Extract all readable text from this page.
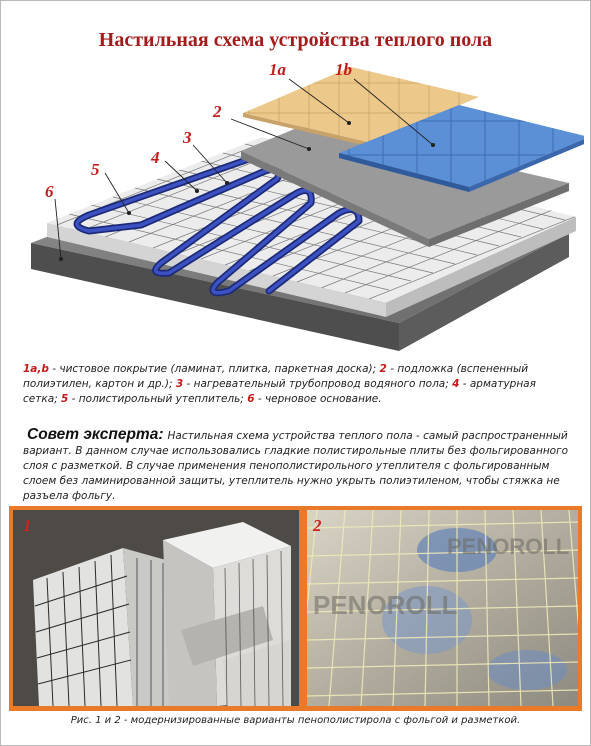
Настильная схема устройства теплого пола
1a	1b
2
3
4
5
6

1a,b - чистовое покрытие (ламинат, плитка, паркетная доска); 2 - подложка (вспененный полиэтилен, картон и др.); 3 - нагревательный трубопровод водяного пола; 4 - арматурная сетка; 5 - полистирольный утеплитель; 6 - черновое основание.

Совет эксперта: Настильная схема устройства теплого пола - самый распространенный вариант. В данном случае использовались гладкие полистирольные плиты без фольгированного слоя с разметкой. В случае применения пенополистирольного утеплителя с фольгированным слоем без ламинированной защиты, утеплитель нужно укрыть полиэтиленом, чтобы стяжка не разъела фольгу.

1
PENOROLL
PENOROLL
2

Рис. 1 и 2 - модернизированные варианты пенополистирола с фольгой и разметкой.
